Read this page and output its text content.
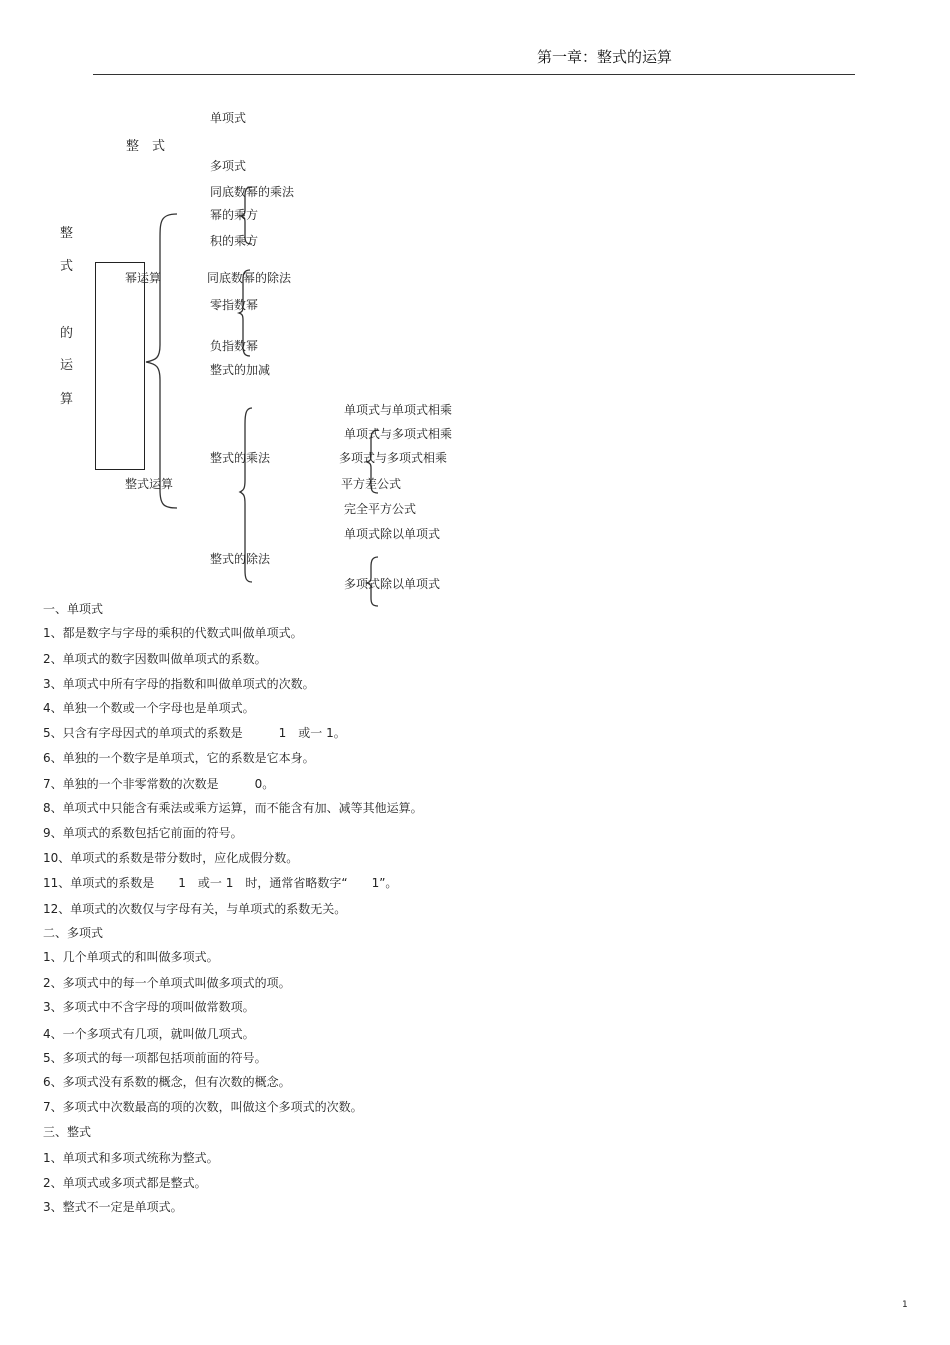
第一章：整式的运算
整
式
的
运
算
整　式
单项式
多项式
幂运算
同底数幂的乘法
幂的乘方
积的乘方
同底数幂的除法
零指数幂
负指数幂
整式的加减
整式运算
整式的乘法
整式的除法
单项式与单项式相乘
单项式与多项式相乘
多项式与多项式相乘
平方差公式
完全平方公式
单项式除以单项式
多项式除以单项式
一、单项式
1、都是数字与字母的乘积的代数式叫做单项式。
2、单项式的数字因数叫做单项式的系数。
3、单项式中所有字母的指数和叫做单项式的次数。
4、单独一个数或一个字母也是单项式。
5、只含有字母因式的单项式的系数是　　　1　或一 1。
6、单独的一个数字是单项式，它的系数是它本身。
7、单独的一个非零常数的次数是　　　0。
8、单项式中只能含有乘法或乘方运算，而不能含有加、减等其他运算。
9、单项式的系数包括它前面的符号。
10、单项式的系数是带分数时，应化成假分数。
11、单项式的系数是　　1　或一 1　时，通常省略数字“　　1”。
12、单项式的次数仅与字母有关，与单项式的系数无关。
二、多项式
1、几个单项式的和叫做多项式。
2、多项式中的每一个单项式叫做多项式的项。
3、多项式中不含字母的项叫做常数项。
4、一个多项式有几项，就叫做几项式。
5、多项式的每一项都包括项前面的符号。
6、多项式没有系数的概念，但有次数的概念。
7、多项式中次数最高的项的次数，叫做这个多项式的次数。
三、整式
1、单项式和多项式统称为整式。
2、单项式或多项式都是整式。
3、整式不一定是单项式。
1
